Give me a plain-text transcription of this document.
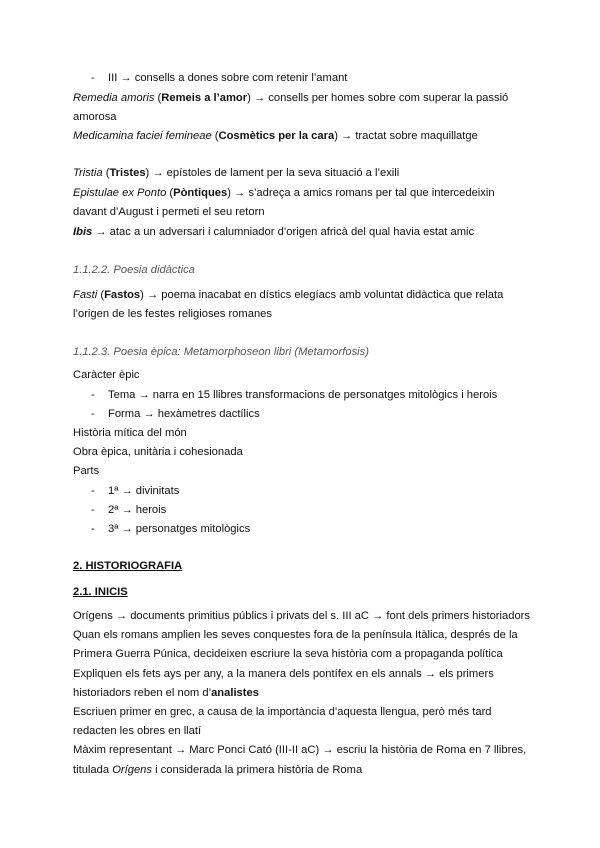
- III → consells a dones sobre com retenir l’amant
Remedia amoris (Remeis a l’amor) → consells per homes sobre com superar la passió
amorosa
Medicamina faciei femineae (Cosmètics per la cara) → tractat sobre maquillatge
Tristia (Tristes) → epístoles de lament per la seva situació a l’exili
Epistulae ex Ponto (Pòntiques) → s’adreça a amics romans per tal que intercedeixin
davant d’August i permeti el seu retorn
Ibis → atac a un adversari i calumniador d’origen africà del qual havia estat amic
1.1.2.2. Poesia didàctica
Fasti (Fastos) → poema inacabat en dístics elegíacs amb voluntat didàctica que relata
l’origen de les festes religioses romanes
1.1.2.3. Poesia èpica: Metamorphoseon libri (Metamorfosis)
Caràcter èpic
- Tema → narra en 15 llibres transformacions de personatges mitològics i herois
- Forma → hexàmetres dactílics
Història mítica del món
Obra èpica, unitària i cohesionada
Parts
- 1ª → divinitats
- 2ª → herois
- 3ª → personatges mitològics
2. HISTORIOGRAFIA
2.1. INICIS
Orígens → documents primitius públics i privats del s. III aC → font dels primers historiadors
Quan els romans amplien les seves conquestes fora de la península Itàlica, després de la
Primera Guerra Púnica, decideixen escriure la seva història com a propaganda política
Expliquen els fets ays per any, a la manera dels pontífex en els annals → els primers
historiadors reben el nom d’analistes
Escriuen primer en grec, a causa de la importància d’aquesta llengua, però més tard
redacten les obres en llatí
Màxim representant → Marc Ponci Cató (III-II aC) → escriu la història de Roma en 7 llibres,
titulada Orígens i considerada la primera història de Roma
